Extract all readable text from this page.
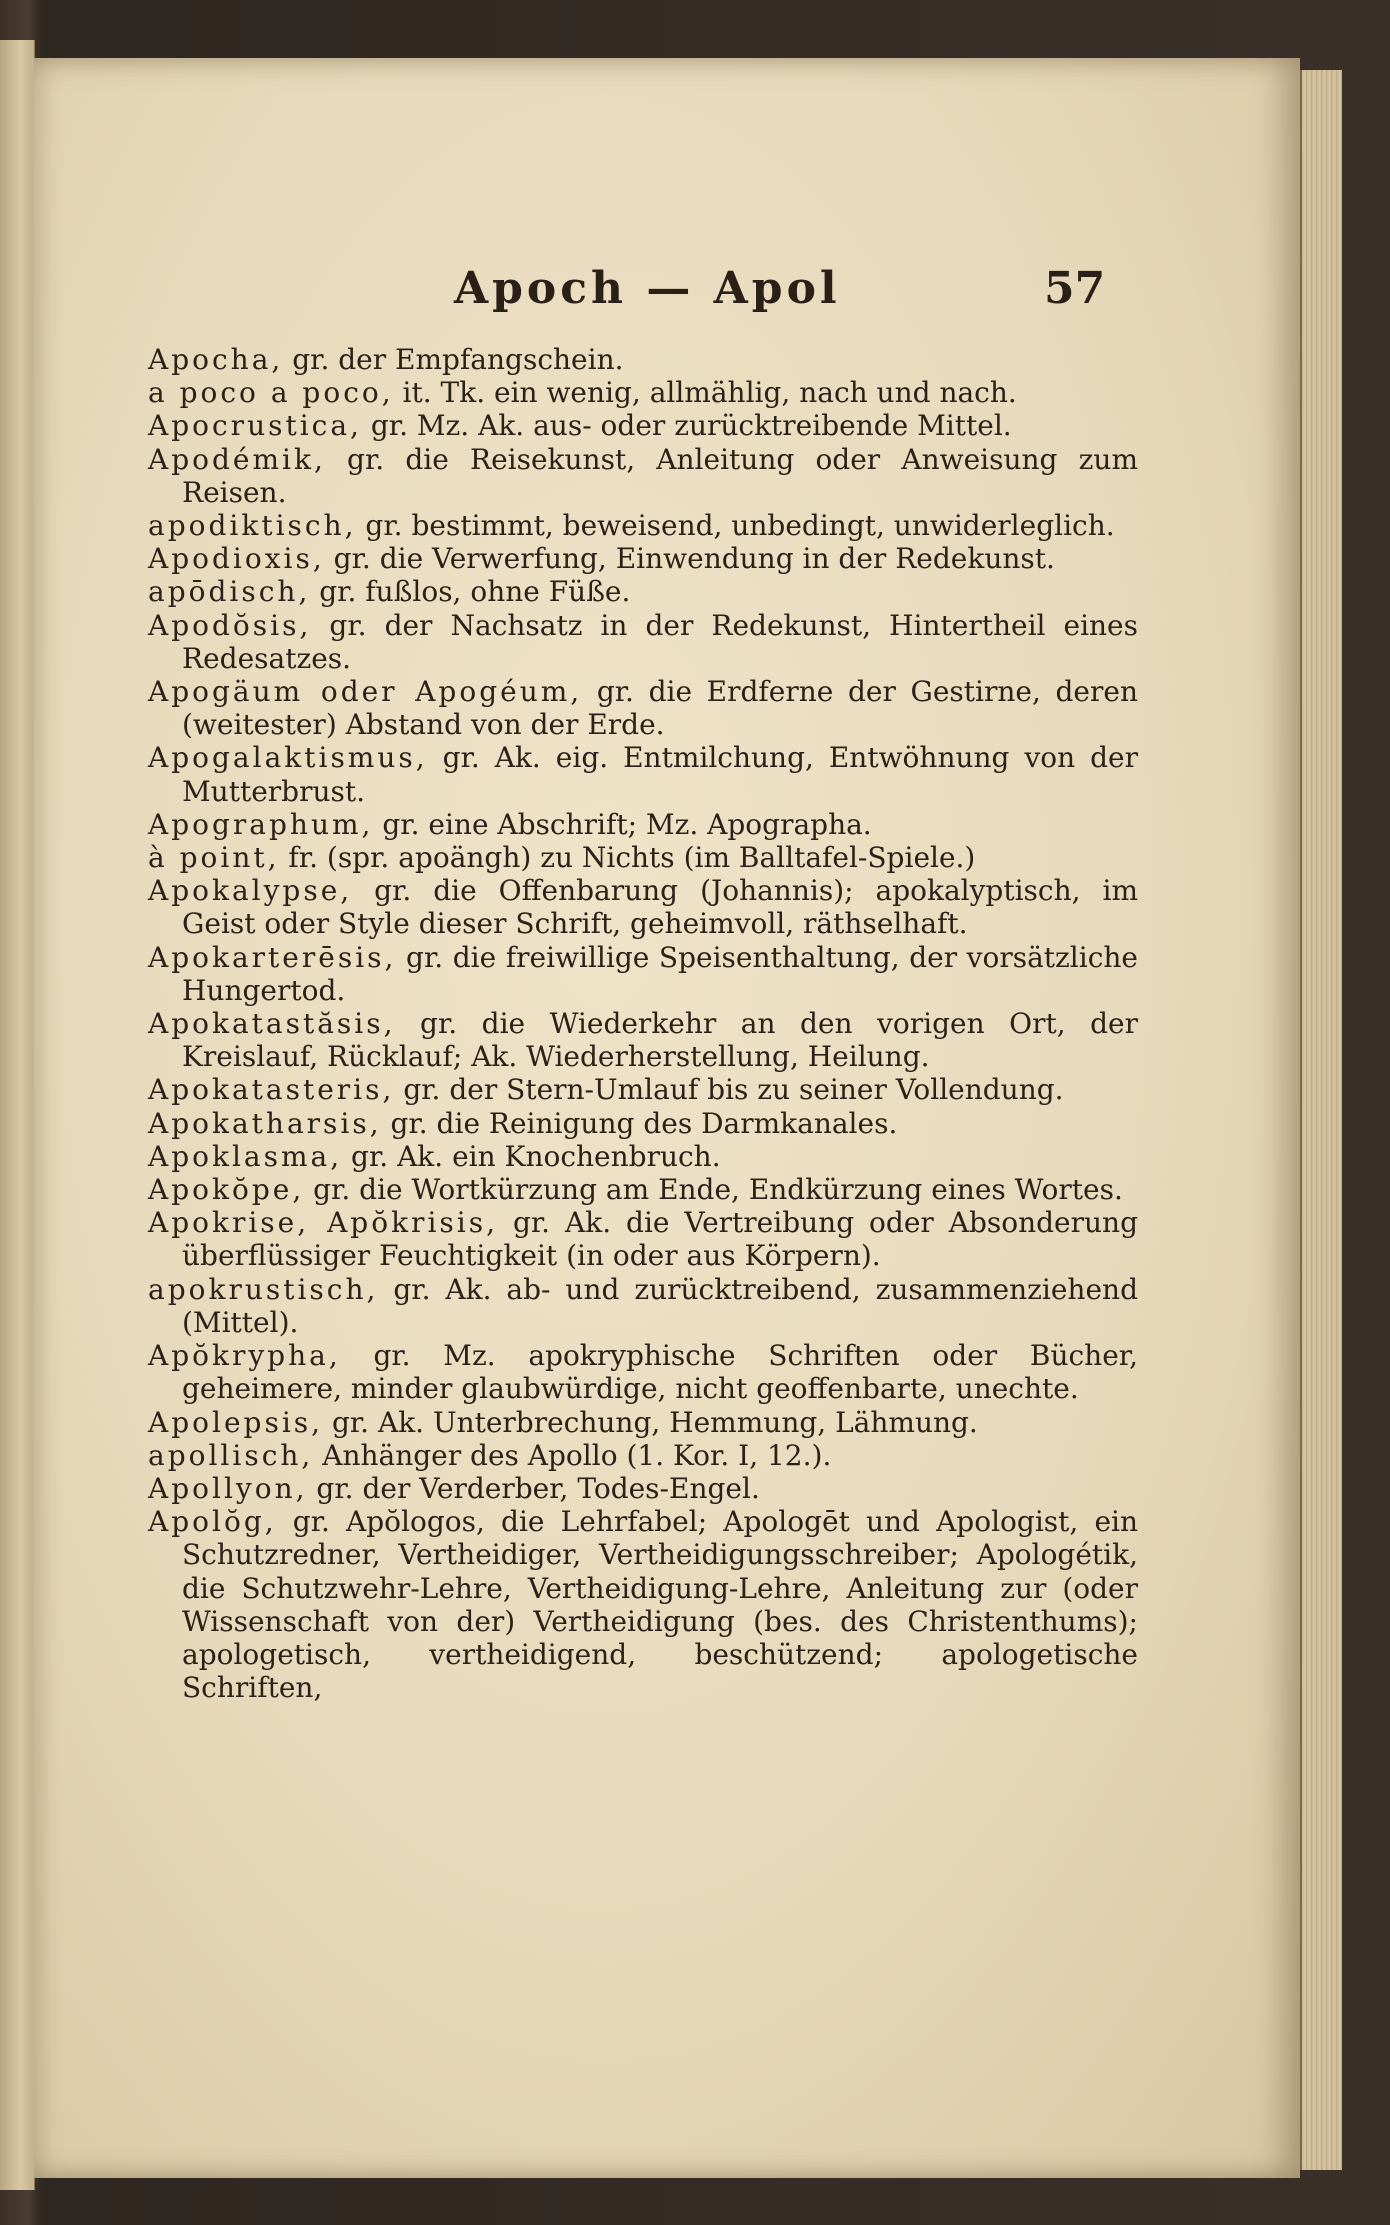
Apoch — Apol	57

Apocha, gr. der Empfangschein.

a poco a poco, it. Tk. ein wenig, allmählig, nach und nach.

Apocrustica, gr. Mz. Ak. aus- oder zurücktreibende Mittel.

Apodémik, gr. die Reisekunst, Anleitung oder Anweisung zum Reisen.

apodiktisch, gr. bestimmt, beweisend, unbedingt, unwiderleglich.

Apodioxis, gr. die Verwerfung, Einwendung in der Redekunst.

apōdisch, gr. fußlos, ohne Füße.

Apodŏsis, gr. der Nachsatz in der Redekunst, Hintertheil eines Redesatzes.

Apogäum oder Apogéum, gr. die Erdferne der Gestirne, deren (weitester) Abstand von der Erde.

Apogalaktismus, gr. Ak. eig. Entmilchung, Entwöhnung von der Mutterbrust.

Apographum, gr. eine Abschrift; Mz. Apographa.

à point, fr. (spr. apoängh) zu Nichts (im Balltafel-Spiele.)

Apokalypse, gr. die Offenbarung (Johannis); apokalyptisch, im Geist oder Style dieser Schrift, geheimvoll, räthselhaft.

Apokarterēsis, gr. die freiwillige Speisenthaltung, der vorsätzliche Hungertod.

Apokatastăsis, gr. die Wiederkehr an den vorigen Ort, der Kreislauf, Rücklauf; Ak. Wiederherstellung, Heilung.

Apokatasteris, gr. der Stern-Umlauf bis zu seiner Vollendung.

Apokatharsis, gr. die Reinigung des Darmkanales.

Apoklasma, gr. Ak. ein Knochenbruch.

Apokŏpe, gr. die Wortkürzung am Ende, Endkürzung eines Wortes.

Apokrise, Apŏkrisis, gr. Ak. die Vertreibung oder Absonderung überflüssiger Feuchtigkeit (in oder aus Körpern).

apokrustisch, gr. Ak. ab- und zurücktreibend, zusammenziehend (Mittel).

Apŏkrypha, gr. Mz. apokryphische Schriften oder Bücher, geheimere, minder glaubwürdige, nicht geoffenbarte, unechte.

Apolepsis, gr. Ak. Unterbrechung, Hemmung, Lähmung.

apollisch, Anhänger des Apollo (1. Kor. I, 12.).

Apollyon, gr. der Verderber, Todes-Engel.

Apolŏg, gr. Apŏlogos, die Lehrfabel; Apologēt und Apologist, ein Schutzredner, Vertheidiger, Vertheidigungsschreiber; Apologétik, die Schutzwehr-Lehre, Vertheidigung-Lehre, Anleitung zur (oder Wissenschaft von der) Vertheidigung (bes. des Christenthums); apologetisch, vertheidigend, beschützend; apologetische Schriften,
